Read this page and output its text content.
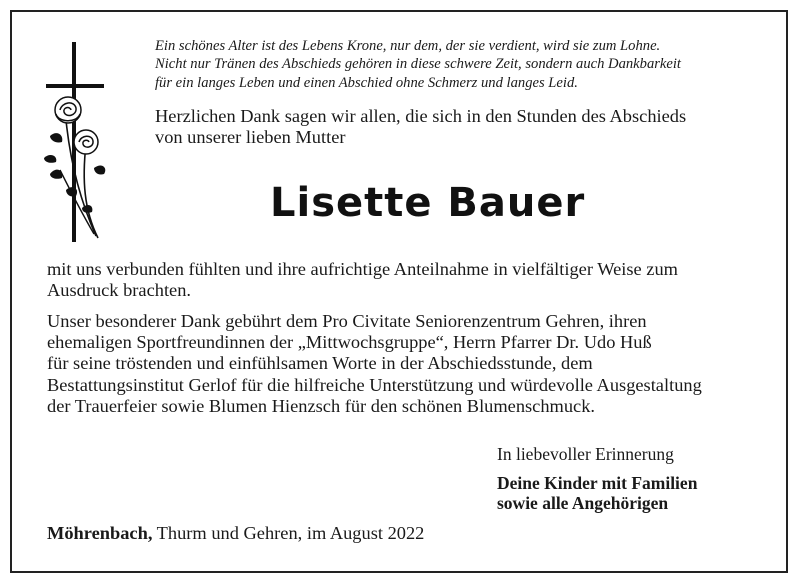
Ein schönes Alter ist des Lebens Krone, nur dem, der sie verdient, wird sie zum Lohne.
Nicht nur Tränen des Abschieds gehören in diese schwere Zeit, sondern auch Dankbarkeit
für ein langes Leben und einen Abschied ohne Schmerz und langes Leid.

Herzlichen Dank sagen wir allen, die sich in den Stunden des Abschieds
von unserer lieben Mutter

Lisette Bauer

mit uns verbunden fühlten und ihre aufrichtige Anteilnahme in vielfältiger Weise zum
Ausdruck brachten.

Unser besonderer Dank gebührt dem Pro Civitate Seniorenzentrum Gehren, ihren
ehemaligen Sportfreundinnen der „Mittwochsgruppe“, Herrn Pfarrer Dr. Udo Huß
für seine tröstenden und einfühlsamen Worte in der Abschiedsstunde, dem
Bestattungsinstitut Gerlof für die hilfreiche Unterstützung und würdevolle Ausgestaltung
der Trauerfeier sowie Blumen Hienzsch für den schönen Blumenschmuck.

In liebevoller Erinnerung
Deine Kinder mit Familien
sowie alle Angehörigen
Möhrenbach, Thurm und Gehren, im August 2022
